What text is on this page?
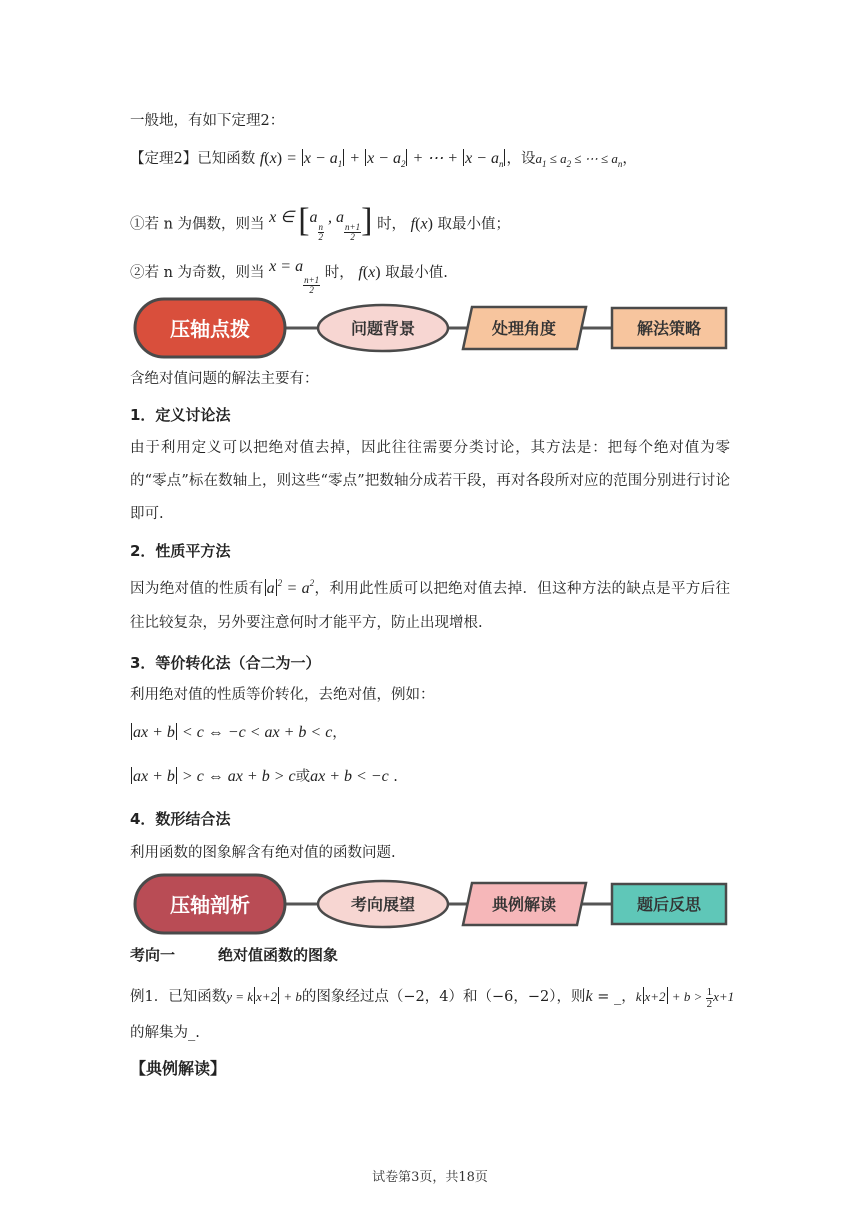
一般地，有如下定理2：
【定理2】已知函数 $f(x) = x - a_1 + x - a_2$ + ⋯ + $x - a_n$ ，设$a_1 \le a_2$ ≤ ⋯ ≤ $a_n$，
①若 n 为偶数，则当 x ∈ [a
$\frac{n}{2}$
, a
$\frac{n+1}{2}$ ] 时， f(x) 取最小值；
②若 n 为奇数，则当 x = a
$\frac{n+1}{2}$
时， f(x) 取最小值.
压轴点拨	问题背景	处理角度	解法策略
含绝对值问题的解法主要有：
1．定义讨论法
由于利用定义可以把绝对值去掉，因此往往需要分类讨论，其方法是：把每个绝对值为零的“零点”标在数轴上，则这些“零点”把数轴分成若干段，再对各段所对应的范围分别进行讨论即可.
2．性质平方法
因为绝对值的性质有 a $^2 = a^2$，利用此性质可以把绝对值去掉．但这种方法的缺点是平方后往往比较复杂，另外要注意何时才能平方，防止出现增根.
3．等价转化法（合二为一）
利用绝对值的性质等价转化，去绝对值，例如：
ax + b < c ⇔ −c < ax + b < c，
ax + b > c ⇔ ax + b > c或ax + b < −c .
4．数形结合法
利用函数的图象解含有绝对值的函数问题.
压轴剖析	考向展望	典例解读	题后反思
考向一	绝对值函数的图象
例1．已知函数y = k x+2 + b的图象经过点（−2，4）和（−6，−2），则k = _，k $x+2 + b > \frac{1}{2} x+1$
的解集为_.
【典例解读】
试卷第3页，共18页
